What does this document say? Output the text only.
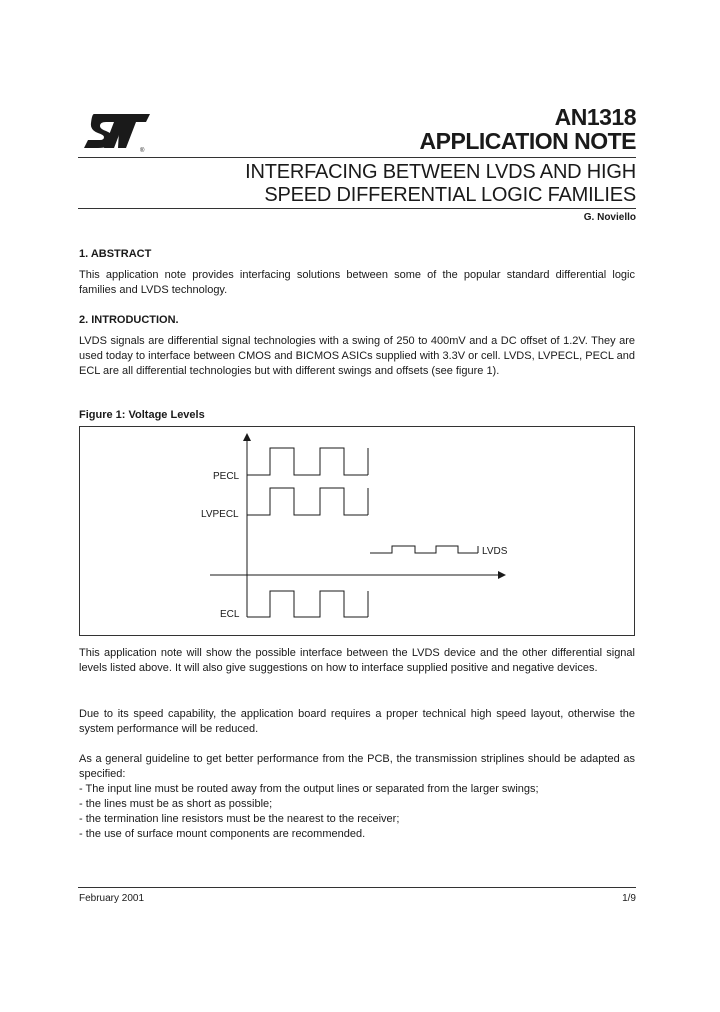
®
AN1318
APPLICATION NOTE
INTERFACING BETWEEN LVDS AND HIGH
SPEED DIFFERENTIAL LOGIC FAMILIES
G. Noviello
1. ABSTRACT
This application note provides interfacing solutions between some of the popular standard differential logic families and LVDS technology.
2. INTRODUCTION.
LVDS signals are differential signal technologies with a swing of 250 to 400mV and a DC offset of 1.2V. They are used today to interface between CMOS and BICMOS ASICs supplied with 3.3V or cell. LVDS, LVPECL, PECL and ECL are all differential technologies but with different swings and offsets (see figure 1).
Figure 1: Voltage Levels
PECL
LVPECL
LVDS
ECL
This application note will show the possible interface between the LVDS device and the other differential signal levels listed above. It will also give suggestions on how to interface supplied positive and negative devices.
Due to its speed capability, the application board requires a proper technical high speed layout, otherwise the system performance will be reduced.
As a general guideline to get better performance from the PCB, the transmission striplines should be adapted as specified:
- The input line must be routed away from the output lines or separated from the larger swings;
- the lines must be as short as possible;
- the termination line resistors must be the nearest to the receiver;
- the use of surface mount components are recommended.
February 2001	1/9
